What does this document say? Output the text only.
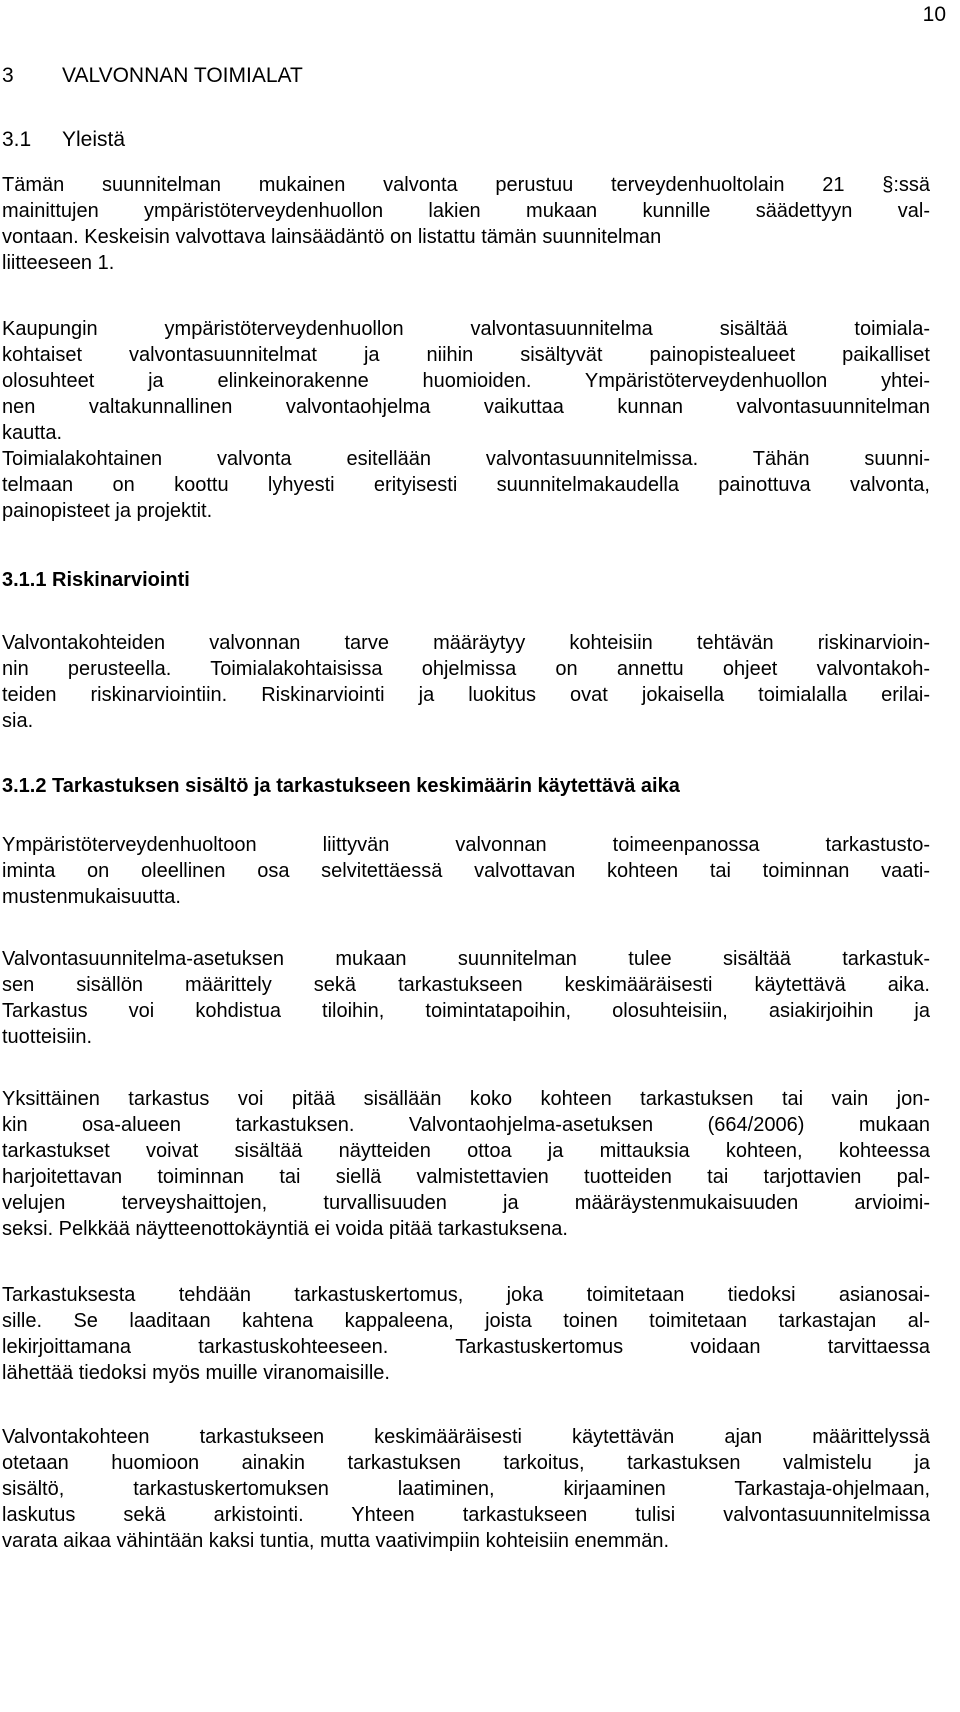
10
3 VALVONNAN TOIMIALAT
3.1 Yleistä

Tämän suunnitelman mukainen valvonta perustuu terveydenhuoltolain 21 §:ssä
mainittujen ympäristöterveydenhuollon lakien mukaan kunnille säädettyyn val-
vontaan. Keskeisin valvottava lainsäädäntö on listattu tämän suunnitelman
liitteeseen 1.

Kaupungin ympäristöterveydenhuollon valvontasuunnitelma sisältää toimiala-
kohtaiset valvontasuunnitelmat ja niihin sisältyvät painopistealueet paikalliset
olosuhteet ja elinkeinorakenne huomioiden. Ympäristöterveydenhuollon yhtei-
nen valtakunnallinen valvontaohjelma vaikuttaa kunnan valvontasuunnitelman
kautta.
Toimialakohtainen valvonta esitellään valvontasuunnitelmissa. Tähän suunni-
telmaan on koottu lyhyesti erityisesti suunnitelmakaudella painottuva valvonta,
painopisteet ja projektit.

3.1.1 Riskinarviointi

Valvontakohteiden valvonnan tarve määräytyy kohteisiin tehtävän riskinarvioin-
nin perusteella. Toimialakohtaisissa ohjelmissa on annettu ohjeet valvontakoh-
teiden riskinarviointiin. Riskinarviointi ja luokitus ovat jokaisella toimialalla erilai-
sia.

3.1.2 Tarkastuksen sisältö ja tarkastukseen keskimäärin käytettävä aika

Ympäristöterveydenhuoltoon liittyvän valvonnan toimeenpanossa tarkastusto-
iminta on oleellinen osa selvitettäessä valvottavan kohteen tai toiminnan vaati-
mustenmukaisuutta.

Valvontasuunnitelma-asetuksen mukaan suunnitelman tulee sisältää tarkastuk-
sen sisällön määrittely sekä tarkastukseen keskimääräisesti käytettävä aika.
Tarkastus voi kohdistua tiloihin, toimintatapoihin, olosuhteisiin, asiakirjoihin ja
tuotteisiin.

Yksittäinen tarkastus voi pitää sisällään koko kohteen tarkastuksen tai vain jon-
kin osa-alueen tarkastuksen. Valvontaohjelma-asetuksen (664/2006) mukaan
tarkastukset voivat sisältää näytteiden ottoa ja mittauksia kohteen, kohteessa
harjoitettavan toiminnan tai siellä valmistettavien tuotteiden tai tarjottavien pal-
velujen terveyshaittojen, turvallisuuden ja määräystenmukaisuuden arvioimi-
seksi. Pelkkää näytteenottokäyntiä ei voida pitää tarkastuksena.

Tarkastuksesta tehdään tarkastuskertomus, joka toimitetaan tiedoksi asianosai-
sille. Se laaditaan kahtena kappaleena, joista toinen toimitetaan tarkastajan al-
lekirjoittamana tarkastuskohteeseen. Tarkastuskertomus voidaan tarvittaessa
lähettää tiedoksi myös muille viranomaisille.

Valvontakohteen tarkastukseen keskimääräisesti käytettävän ajan määrittelyssä
otetaan huomioon ainakin tarkastuksen tarkoitus, tarkastuksen valmistelu ja
sisältö, tarkastuskertomuksen laatiminen, kirjaaminen Tarkastaja-ohjelmaan,
laskutus sekä arkistointi. Yhteen tarkastukseen tulisi valvontasuunnitelmissa
varata aikaa vähintään kaksi tuntia, mutta vaativimpiin kohteisiin enemmän.
